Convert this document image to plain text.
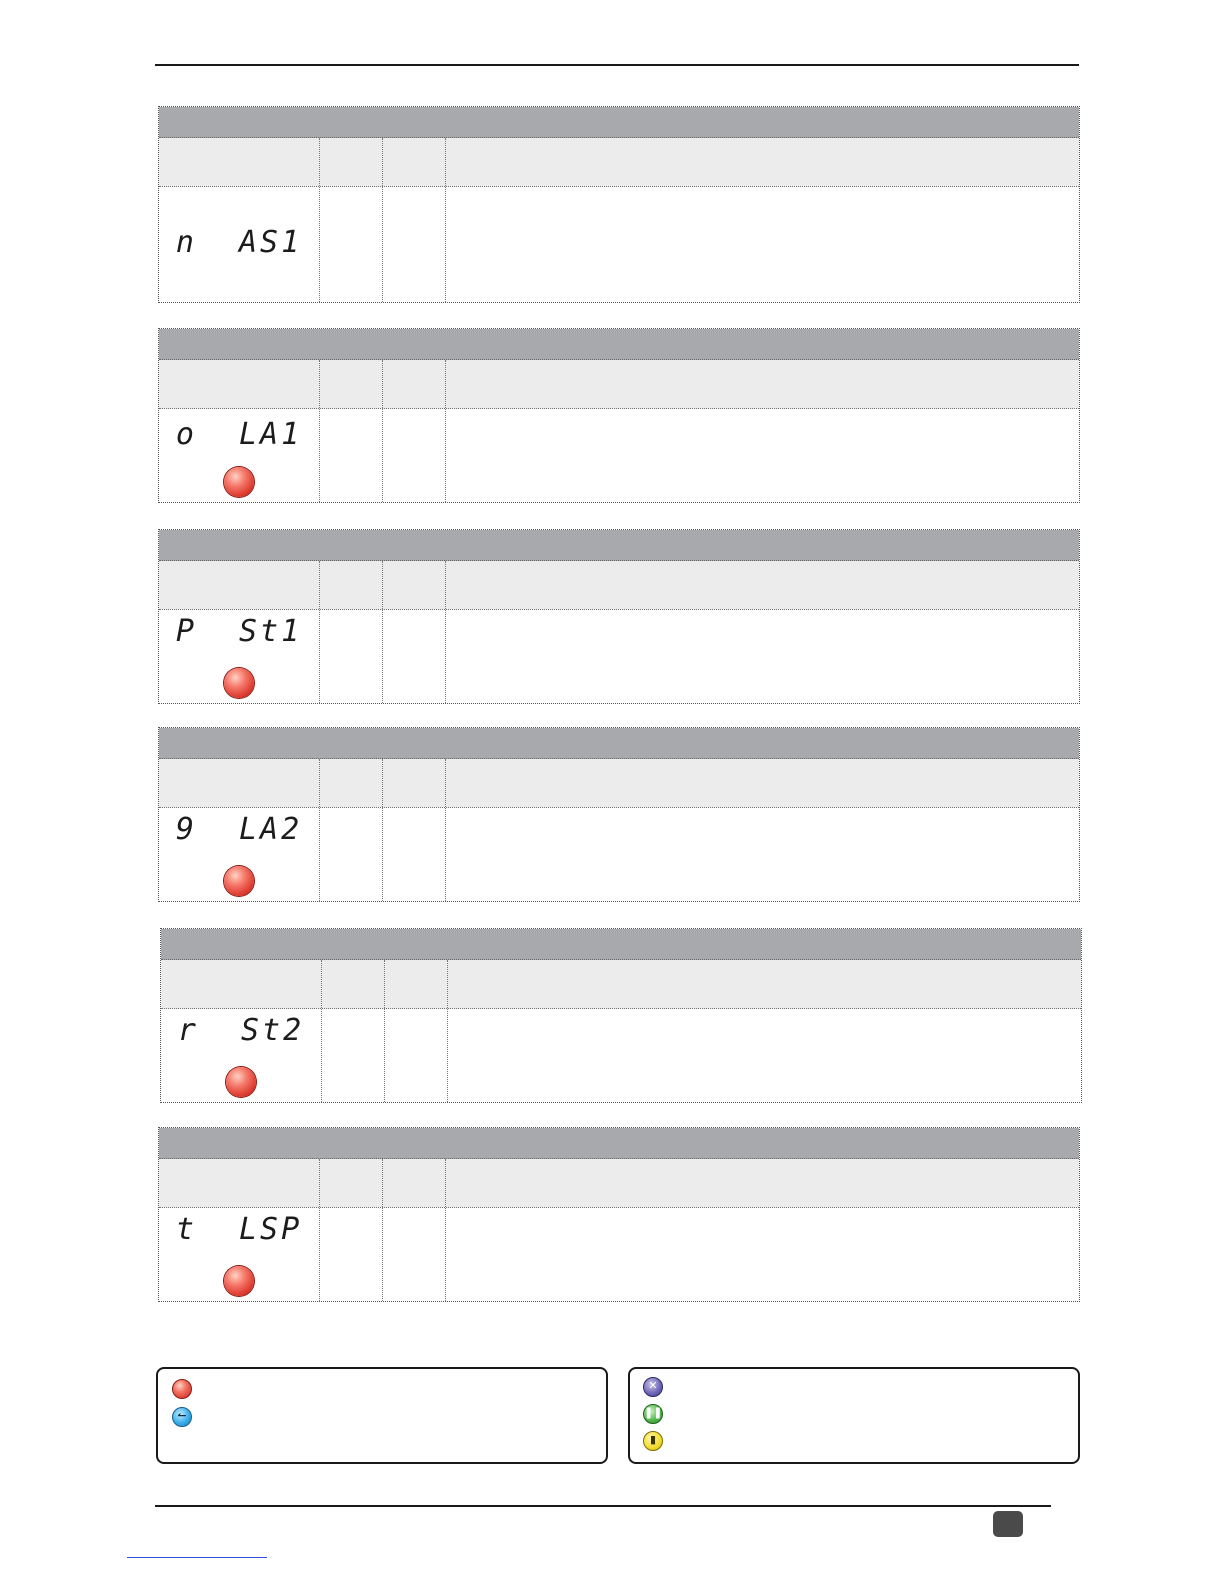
n  AS1
o  LA1
P  St1
9  LA2
r  St2
t  LSP
↼
✕
❚❚
▮
